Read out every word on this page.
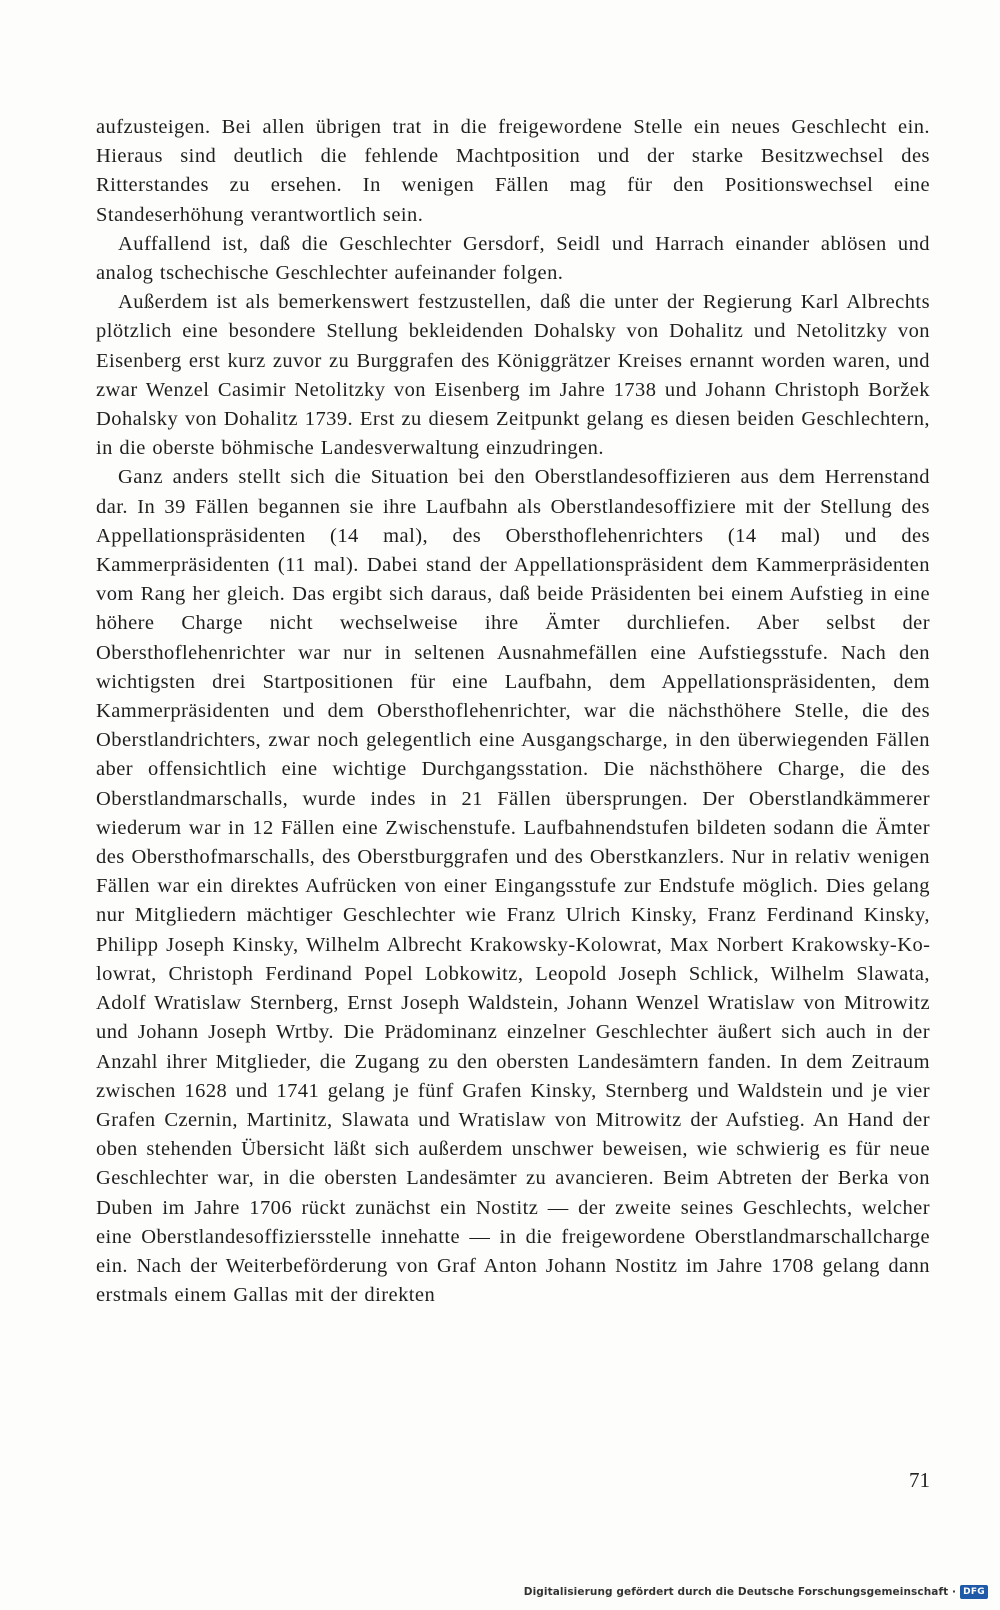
aufzusteigen. Bei allen übrigen trat in die freigewordene Stelle ein neues Geschlecht ein. Hieraus sind deutlich die fehlende Machtposition und der starke Besitzwechsel des Ritterstandes zu ersehen. In wenigen Fällen mag für den Positionswechsel eine Standeserhöhung verantwortlich sein.

Auffallend ist, daß die Geschlechter Gersdorf, Seidl und Harrach einander ablösen und analog tschechische Geschlechter aufeinander folgen.

Außerdem ist als bemerkenswert festzustellen, daß die unter der Regierung Karl Albrechts plötzlich eine besondere Stellung bekleidenden Dohalsky von Dohalitz und Netolitzky von Eisenberg erst kurz zuvor zu Burggrafen des Königgrätzer Kreises ernannt worden waren, und zwar Wenzel Casimir Netolitzky von Eisenberg im Jahre 1738 und Johann Christoph Boržek Dohalsky von Dohalitz 1739. Erst zu diesem Zeitpunkt gelang es diesen beiden Geschlechtern, in die oberste böhmische Landesverwaltung einzudringen.

Ganz anders stellt sich die Situation bei den Oberstlandesoffizieren aus dem Herrenstand dar. In 39 Fällen begannen sie ihre Laufbahn als Oberstlandesoffiziere mit der Stellung des Appellationspräsidenten (14 mal), des Obersthoflehenrichters (14 mal) und des Kammerpräsidenten (11 mal). Dabei stand der Appellationspräsident dem Kammerpräsidenten vom Rang her gleich. Das ergibt sich daraus, daß beide Präsidenten bei einem Aufstieg in eine höhere Charge nicht wechselweise ihre Ämter durchliefen. Aber selbst der Obersthoflehenrichter war nur in seltenen Ausnahmefällen eine Aufstiegsstufe. Nach den wichtigsten drei Startpositionen für eine Laufbahn, dem Appellationspräsidenten, dem Kammerpräsidenten und dem Obersthoflehenrichter, war die nächsthöhere Stelle, die des Oberstlandrichters, zwar noch gelegentlich eine Ausgangscharge, in den überwiegenden Fällen aber offensichtlich eine wichtige Durchgangsstation. Die nächsthöhere Charge, die des Oberstlandmarschalls, wurde indes in 21 Fällen übersprungen. Der Oberstlandkämmerer wiederum war in 12 Fällen eine Zwischenstufe. Laufbahnendstufen bildeten sodann die Ämter des Obersthofmarschalls, des Oberstburggrafen und des Oberstkanzlers. Nur in relativ wenigen Fällen war ein direktes Aufrücken von einer Eingangsstufe zur Endstufe möglich. Dies gelang nur Mitgliedern mächtiger Geschlechter wie Franz Ulrich Kinsky, Franz Ferdinand Kinsky, Philipp Joseph Kinsky, Wilhelm Albrecht Krakowsky-Kolowrat, Max Norbert Krakowsky-Kolowrat, Christoph Ferdinand Popel Lobkowitz, Leopold Joseph Schlick, Wilhelm Slawata, Adolf Wratislaw Sternberg, Ernst Joseph Waldstein, Johann Wenzel Wratislaw von Mitrowitz und Johann Joseph Wrtby. Die Prädominanz einzelner Geschlechter äußert sich auch in der Anzahl ihrer Mitglieder, die Zugang zu den obersten Landesämtern fanden. In dem Zeitraum zwischen 1628 und 1741 gelang je fünf Grafen Kinsky, Sternberg und Waldstein und je vier Grafen Czernin, Martinitz, Slawata und Wratislaw von Mitrowitz der Aufstieg. An Hand der oben stehenden Übersicht läßt sich außerdem unschwer beweisen, wie schwierig es für neue Geschlechter war, in die obersten Landesämter zu avancieren. Beim Abtreten der Berka von Duben im Jahre 1706 rückt zunächst ein Nostitz — der zweite seines Geschlechts, welcher eine Oberstlandesoffiziersstelle innehatte — in die freigewordene Oberstlandmarschallcharge ein. Nach der Weiterbeförderung von Graf Anton Johann Nostitz im Jahre 1708 gelang dann erstmals einem Gallas mit der direkten

71
Digitalisierung gefördert durch die Deutsche Forschungsgemeinschaft · DFG
